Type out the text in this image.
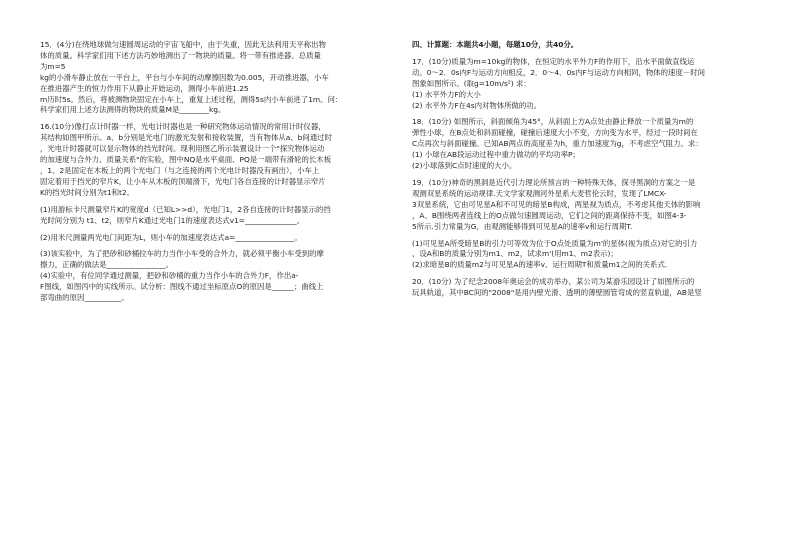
15．(4分)在绕地球做匀速圆周运动的宇宙飞船中，由于失重，因此无法利用天平称出物
体的质量。科学家们用下述方法巧妙地测出了一物块的质量。将一带有推进器、总质量
为m=5
kg的小滑车静止放在一平台上，平台与小车间的动摩擦因数为0.005，开动推进器，小车
在推进器产生的恒力作用下从静止开始运动，测得小车前进1.25
m历时5s。然后，将被测物块固定在小车上，重复上述过程，测得5s内小车前进了1m。问：
科学家们用上述方法测得的物块的质量M是________kg。
16.(10分)像打点计时器一样，光电计时器也是一种研究物体运动情况的常用计时仪器，
其结构如图甲所示。a、b分别是光电门的激光发射和接收装置，当有物体从a、b间通过时
，光电计时器就可以显示物体的挡光时间。现利用图乙所示装置设计一个"探究物体运动
的加速度与合外力、质量关系"的实验，图中NQ是水平桌面、PQ是一端带有滑轮的长木板
，1、2是固定在木板上的两个光电门（与之连接的两个光电计时器没有画出），小车上
固定着用于挡光的窄片K，让小车从木板的顶端滑下，光电门各自连接的计时器显示窄片
K的挡光时间分别为t1和t2。
(1)用游标卡尺测量窄片K的宽度d（已知L>>d），光电门1，2各自连接的计时器显示的挡
光时间分别为 t1、t2，则窄片K通过光电门1的速度表达式v1=______________。
(2)用米尺测量两光电门间距为L，则小车的加速度表达式a=________________。
(3)该实验中，为了把砂和砂桶拉车的力当作小车受的合外力，就必须平衡小车受到的摩
擦力，正确的做法是________________。
(4)实验中，有位同学通过测量，把砂和砂桶的重力当作小车的合外力F，作出a-
F图线，如图丙中的实线所示。试分析：图线不通过坐标原点O的原因是______；曲线上
部弯曲的原因__________。
四、计算题：本题共4小题，每题10分，共40分。
17．(10分)质量为m=10kg的物体，在恒定的水平外力F的作用下，沿水平面做直线运
动。0～2．0s内F与运动方向相反，2．0～4．0s内F与运动方向相同，物体的速度－时间
图象如图所示。(取g=10m/s²) 求：
(1) 水平外力F的大小
(2) 水平外力F在4s内对物体所做的功。
18．(10分) 如图所示，斜面倾角为45°，从斜面上方A点处由静止释放一个质量为m的
弹性小球，在B点处和斜面碰撞，碰撞后速度大小不变，方向变为水平，经过一段时间在
C点再次与斜面碰撞。已知AB两点的高度差为h，重力加速度为g，不考虑空气阻力。求：
(1) 小球在AB段运动过程中重力做功的平均功率P；
(2)小球落到C点时速度的大小。
19．(10分)神奇的黑洞是近代引力理论所预言的一种特殊天体，探寻黑洞的方案之一是
观测双星系统的运动规律.天文学家观测河外星系大麦哲伦云时，发现了LMCX-
3双星系统，它由可见星A和不可见的暗星B构成，两星视为质点，不考虑其他天体的影响
，A、B围绕两者连线上的O点做匀速圆周运动，它们之间的距离保持不变，如图4-3-
5所示.引力常量为G，由观测能够得到可见星A的速率v和运行周期T.
(1)可见星A所受暗星B的引力可等效为位于O点处质量为m'的星体(视为质点)对它的引力
，设A和B的质量分别为m1、m2，试求m'(用m1、m2表示)；
(2)求暗星B的质量m2与可见星A的速率v、运行周期T和质量m1之间的关系式.
20．(10分) 为了纪念2008年奥运会的成功举办，某公司为某游乐园设计了如图所示的
玩具轨道，其中BC间的"2008"是用内壁光滑、透明的薄壁圆管弯成的竖直轨道，AB是竖
